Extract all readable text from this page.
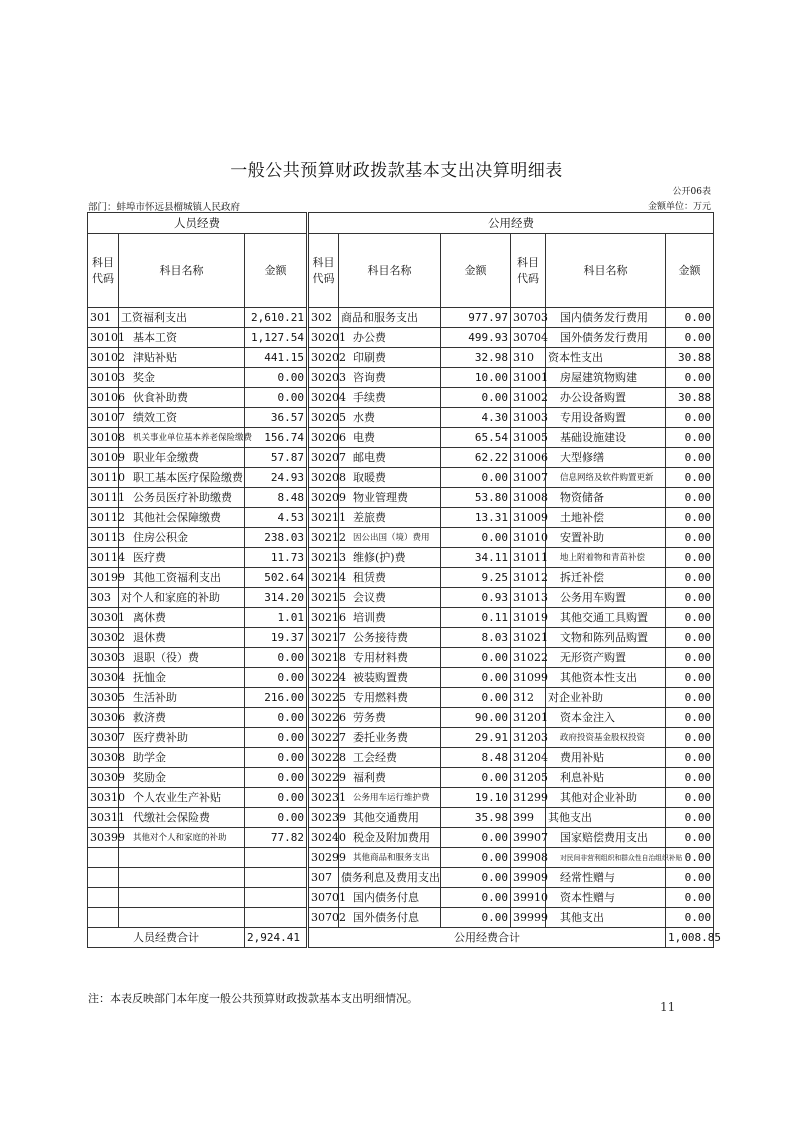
一般公共预算财政拨款基本支出决算明细表
公开06表
部门：蚌埠市怀远县榴城镇人民政府	金额单位：万元
人员经费			公用经费					
科目代码	科目名称	金额	科目代码	科目名称	金额	科目代码	科目名称	金额
301	工资福利支出	2,610.21	302	商品和服务支出	977.97	30703	国内债务发行费用	0.00
30101	基本工资	1,127.54	30201	办公费	499.93	30704	国外债务发行费用	0.00
30102	津贴补贴	441.15	30202	印刷费	32.98	310	资本性支出	30.88
30103	奖金	0.00	30203	咨询费	10.00	31001	房屋建筑物购建	0.00
30106	伙食补助费	0.00	30204	手续费	0.00	31002	办公设备购置	30.88
30107	绩效工资	36.57	30205	水费	4.30	31003	专用设备购置	0.00
30108	机关事业单位基本养老保险缴费	156.74	30206	电费	65.54	31005	基础设施建设	0.00
30109	职业年金缴费	57.87	30207	邮电费	62.22	31006	大型修缮	0.00
30110	职工基本医疗保险缴费	24.93	30208	取暖费	0.00	31007	信息网络及软件购置更新	0.00
30111	公务员医疗补助缴费	8.48	30209	物业管理费	53.80	31008	物资储备	0.00
30112	其他社会保障缴费	4.53	30211	差旅费	13.31	31009	土地补偿	0.00
30113	住房公积金	238.03	30212	因公出国（境）费用	0.00	31010	安置补助	0.00
30114	医疗费	11.73	30213	维修(护)费	34.11	31011	地上附着物和青苗补偿	0.00
30199	其他工资福利支出	502.64	30214	租赁费	9.25	31012	拆迁补偿	0.00
303	对个人和家庭的补助	314.20	30215	会议费	0.93	31013	公务用车购置	0.00
30301	离休费	1.01	30216	培训费	0.11	31019	其他交通工具购置	0.00
30302	退休费	19.37	30217	公务接待费	8.03	31021	文物和陈列品购置	0.00
30303	退职（役）费	0.00	30218	专用材料费	0.00	31022	无形资产购置	0.00
30304	抚恤金	0.00	30224	被装购置费	0.00	31099	其他资本性支出	0.00
30305	生活补助	216.00	30225	专用燃料费	0.00	312	对企业补助	0.00
30306	救济费	0.00	30226	劳务费	90.00	31201	资本金注入	0.00
30307	医疗费补助	0.00	30227	委托业务费	29.91	31203	政府投资基金股权投资	0.00
30308	助学金	0.00	30228	工会经费	8.48	31204	费用补贴	0.00
30309	奖励金	0.00	30229	福利费	0.00	31205	利息补贴	0.00
30310	个人农业生产补贴	0.00	30231	公务用车运行维护费	19.10	31299	其他对企业补助	0.00
30311	代缴社会保险费	0.00	30239	其他交通费用	35.98	399	其他支出	0.00
30399	其他对个人和家庭的补助	77.82	30240	税金及附加费用	0.00	39907	国家赔偿费用支出	0.00
			30299	其他商品和服务支出	0.00	39908	对民间非营利组织和群众性自治组织补贴	0.00
			307	债务利息及费用支出	0.00	39909	经常性赠与	0.00
			30701	国内债务付息	0.00	39910	资本性赠与	0.00
			30702	国外债务付息	0.00	39999	其他支出	0.00
人员经费合计		2,924.41	公用经费合计					1,008.85
注：本表反映部门本年度一般公共预算财政拨款基本支出明细情况。
11
